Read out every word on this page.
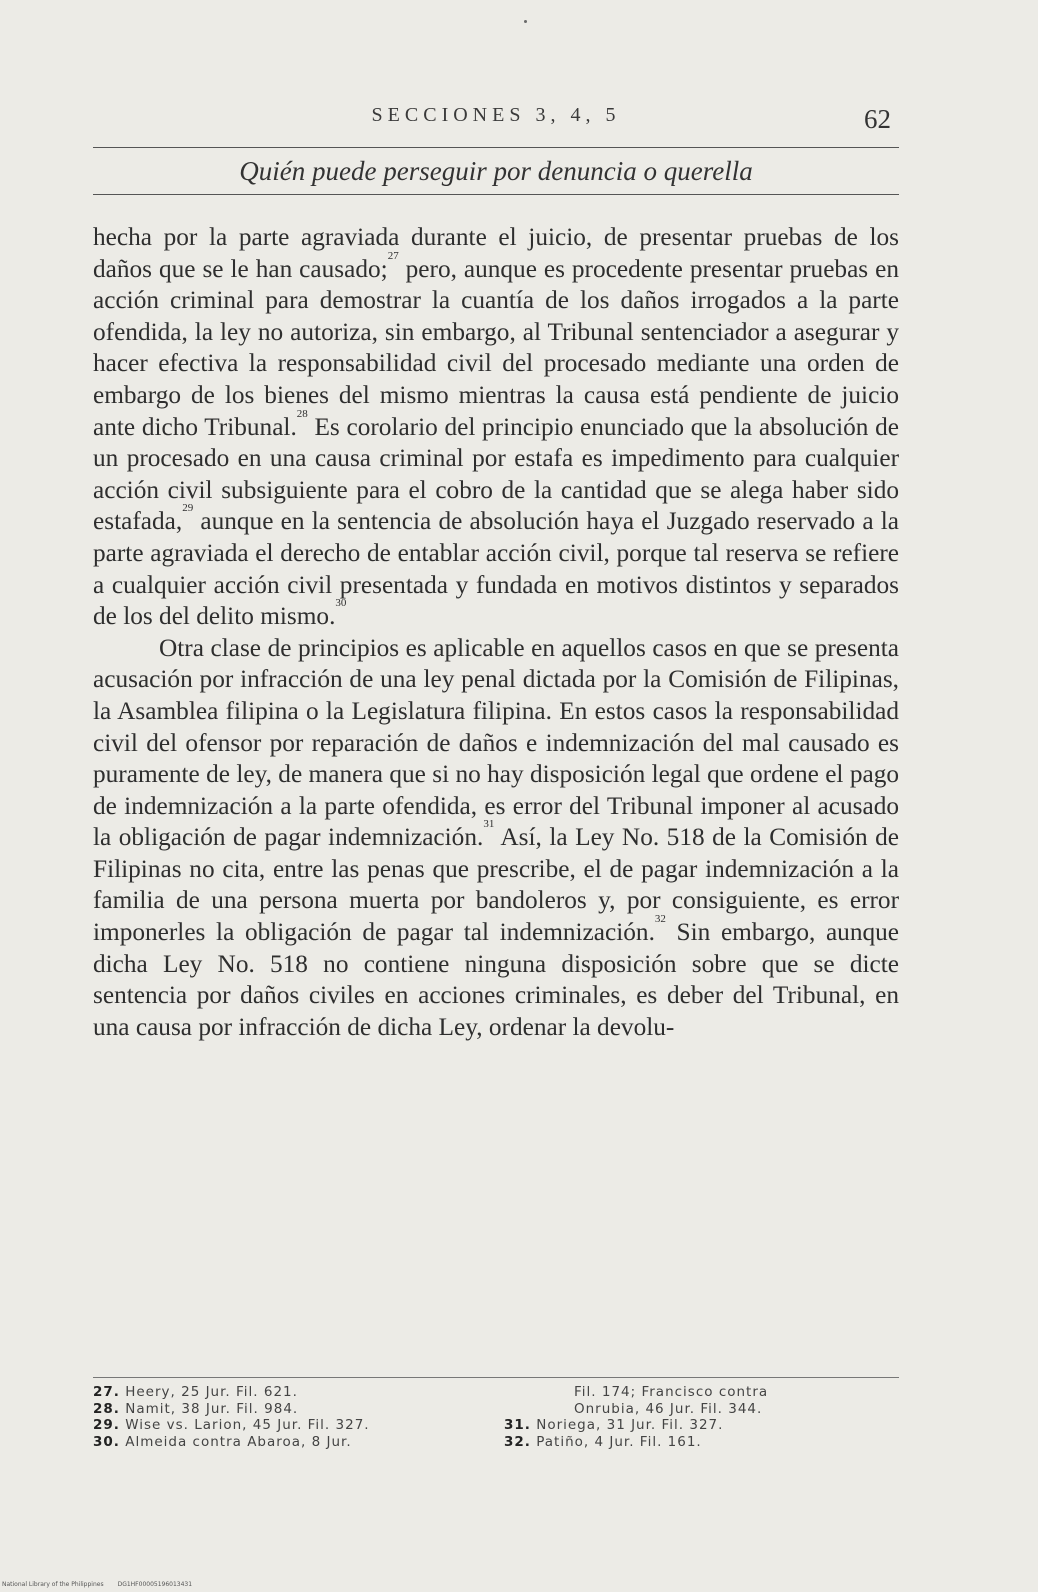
SECCIONES 3, 4, 5	62
Quién puede perseguir por denuncia o querella

hecha por la parte agraviada durante el juicio, de presentar pruebas de los daños que se le han causado;$^{27}$ pero, aunque es procedente presentar pruebas en acción criminal para demostrar la cuantía de los daños irrogados a la parte ofendida, la ley no autoriza, sin embargo, al Tribunal sentenciador a asegurar y hacer efectiva la responsabilidad civil del procesado mediante una orden de embargo de los bienes del mismo mientras la causa está pendiente de juicio ante dicho Tribunal.$^{28}$ Es corolario del principio enunciado que la absolución de un procesado en una causa criminal por estafa es impedimento para cualquier acción civil subsiguiente para el cobro de la cantidad que se alega haber sido estafada,$^{29}$ aunque en la sentencia de absolución haya el Juzgado reservado a la parte agraviada el derecho de entablar acción civil, porque tal reserva se refiere a cualquier acción civil presentada y fundada en motivos distintos y separados de los del delito mismo.$^{30}$

Otra clase de principios es aplicable en aquellos casos en que se presenta acusación por infracción de una ley penal dictada por la Comisión de Filipinas, la Asamblea filipina o la Legislatura filipina. En estos casos la responsabilidad civil del ofensor por reparación de daños e indemnización del mal causado es puramente de ley, de manera que si no hay disposición legal que ordene el pago de indemnización a la parte ofendida, es error del Tribunal imponer al acusado la obligación de pagar indemnización.$^{31}$ Así, la Ley No. 518 de la Comisión de Filipinas no cita, entre las penas que prescribe, el de pagar indemnización a la familia de una persona muerta por bandoleros y, por consiguiente, es error imponerles la obligación de pagar tal indemnización.$^{32}$ Sin embargo, aunque dicha Ley No. 518 no contiene ninguna disposición sobre que se dicte sentencia por daños civiles en acciones criminales, es deber del Tribunal, en una causa por infracción de dicha Ley, ordenar la devolu-

27. Heery, 25 Jur. Fil. 621.
28. Namit, 38 Jur. Fil. 984.
29. Wise vs. Larion, 45 Jur. Fil. 327.
30. Almeida contra Abaroa, 8 Jur.
Fil. 174; Francisco contra
Onrubia, 46 Jur. Fil. 344.
31. Noriega, 31 Jur. Fil. 327.
32. Patiño, 4 Jur. Fil. 161.
National Library of the Philippines DG1HF00005196013431
